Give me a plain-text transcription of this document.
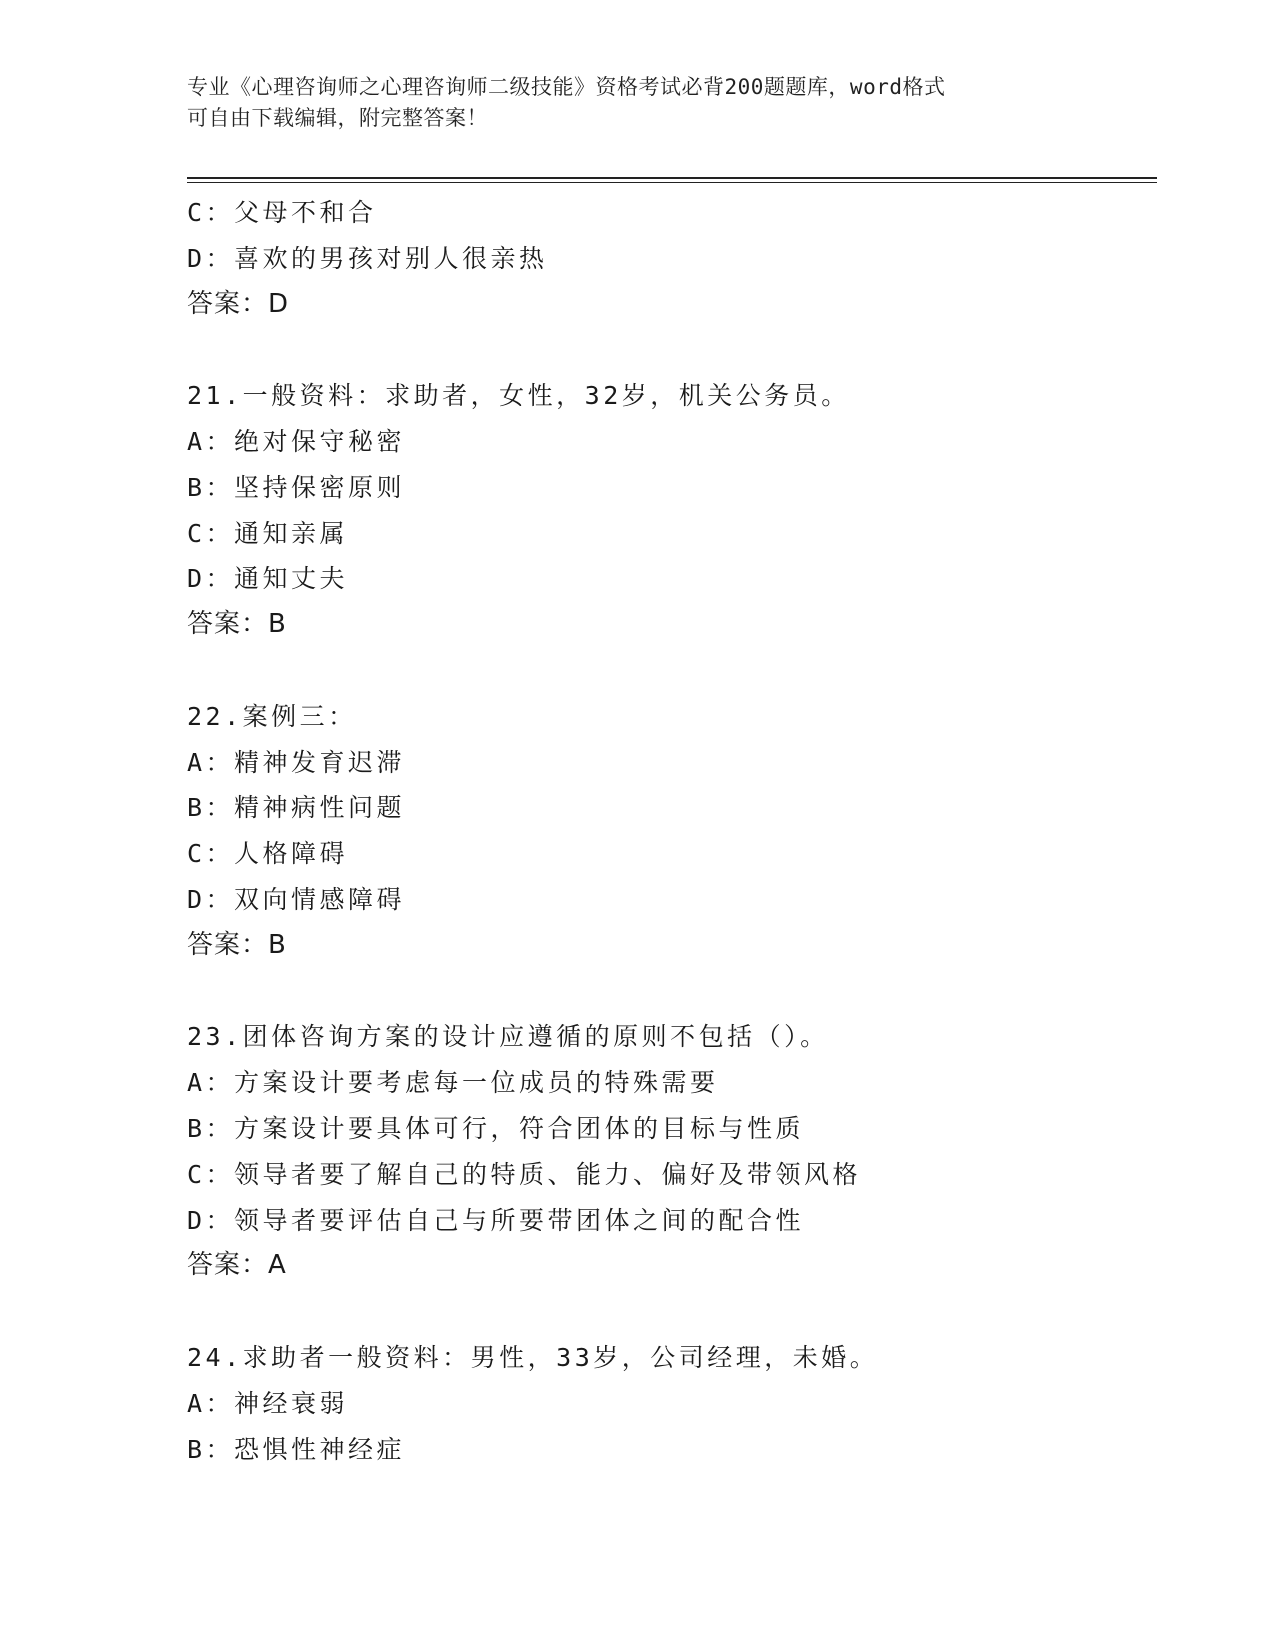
专业《心理咨询师之心理咨询师二级技能》资格考试必背200题题库，word格式
可自由下载编辑，附完整答案！
C：父母不和合
D：喜欢的男孩对别人很亲热
答案：D
21.一般资料：求助者，女性，32岁，机关公务员。
A：绝对保守秘密
B：坚持保密原则
C：通知亲属
D：通知丈夫
答案：B
22.案例三：
A：精神发育迟滞
B：精神病性问题
C：人格障碍
D：双向情感障碍
答案：B
23.团体咨询方案的设计应遵循的原则不包括（）。
A：方案设计要考虑每一位成员的特殊需要
B：方案设计要具体可行，符合团体的目标与性质
C：领导者要了解自己的特质、能力、偏好及带领风格
D：领导者要评估自己与所要带团体之间的配合性
答案：A
24.求助者一般资料：男性，33岁，公司经理，未婚。
A：神经衰弱
B：恐惧性神经症
